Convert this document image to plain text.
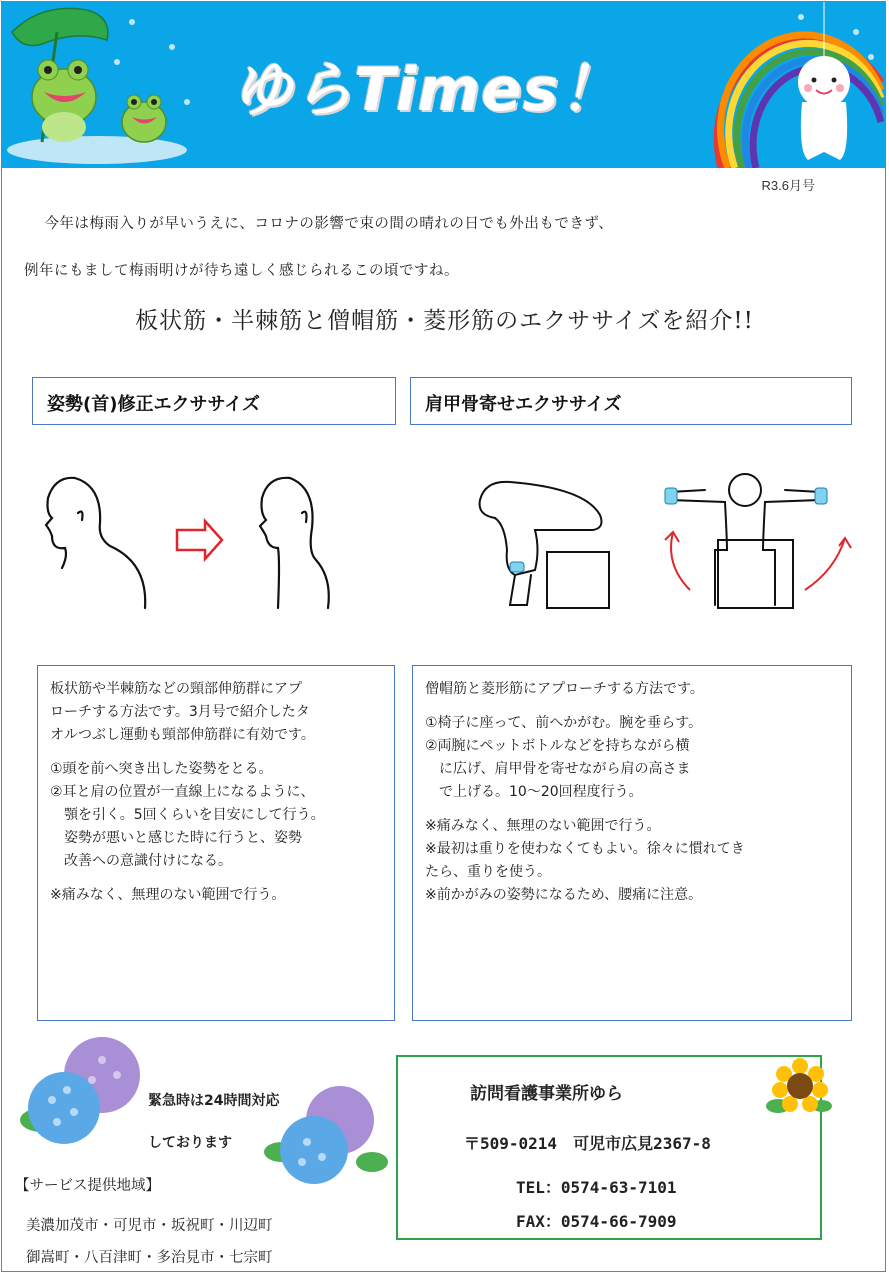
ゆらTimes！
R3.6月号
今年は梅雨入りが早いうえに、コロナの影響で束の間の晴れの日でも外出もできず、
例年にもまして梅雨明けが待ち遠しく感じられるこの頃ですね。
板状筋・半棘筋と僧帽筋・菱形筋のエクササイズを紹介!!
姿勢(首)修正エクササイズ	肩甲骨寄せエクササイズ

板状筋や半棘筋などの頸部伸筋群にアプ
ローチする方法です。3月号で紹介したタ
オルつぶし運動も頸部伸筋群に有効です。

①頭を前へ突き出した姿勢をとる。
②耳と肩の位置が一直線上になるように、
　顎を引く。5回くらいを目安にして行う。
　姿勢が悪いと感じた時に行うと、姿勢
　改善への意識付けになる。

※痛みなく、無理のない範囲で行う。

僧帽筋と菱形筋にアプローチする方法です。

①椅子に座って、前へかがむ。腕を垂らす。
②両腕にペットボトルなどを持ちながら横
　に広げ、肩甲骨を寄せながら肩の高さま
　で上げる。10～20回程度行う。

※痛みなく、無理のない範囲で行う。
※最初は重りを使わなくてもよい。徐々に慣れてき
たら、重りを使う。
※前かがみの姿勢になるため、腰痛に注意。

緊急時は24時間対応
しております
【サービス提供地域】
美濃加茂市・可児市・坂祝町・川辺町
御嵩町・八百津町・多治見市・七宗町
訪問看護事業所ゆら
〒509-0214　可児市広見2367-8
TEL：0574-63-7101
FAX：0574-66-7909
